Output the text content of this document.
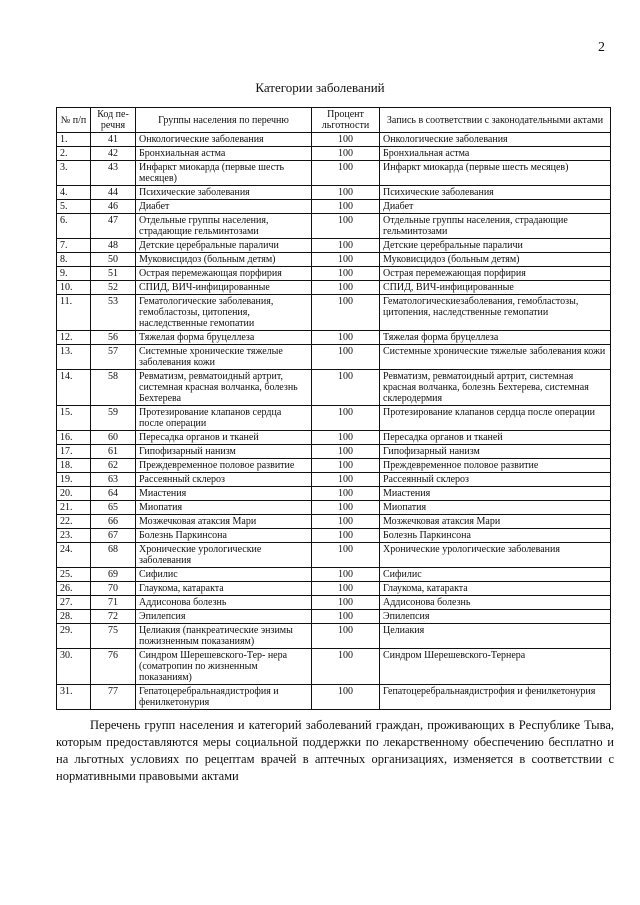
2
Категории заболеваний
№ п/п	Код пе-речня	Группы населения по перечню	Процент льготности	Запись в соответствии с законодательными актами
1.	41	Онкологические заболевания	100	Онкологические заболевания
2.	42	Бронхиальная астма	100	Бронхиальная астма
3.	43	Инфаркт миокарда (первые шесть месяцев)	100	Инфаркт миокарда (первые шесть месяцев)
4.	44	Психические заболевания	100	Психические заболевания
5.	46	Диабет	100	Диабет
6.	47	Отдельные группы населения, страдающие гельминтозами	100	Отдельные группы населения, страдающие гельминтозами
7.	48	Детские церебральные параличи	100	Детские церебральные параличи
8.	50	Муковисцидоз (больным детям)	100	Муковисцидоз (больным детям)
9.	51	Острая перемежающая порфирия	100	Острая перемежающая порфирия
10.	52	СПИД, ВИЧ-инфицированные	100	СПИД, ВИЧ-инфицированные
11.	53	Гематологические заболевания, гемобластозы, цитопения, наследственные гемопатии	100	Гематологическиезаболевания, гемобластозы, цитопения, наследственные гемопатии
12.	56	Тяжелая форма бруцеллеза	100	Тяжелая форма бруцеллеза
13.	57	Системные хронические тяжелые заболевания кожи	100	Системные хронические тяжелые заболевания кожи
14.	58	Ревматизм, ревматоидный артрит, системная красная волчанка, болезнь Бехтерева	100	Ревматизм, ревматоидный артрит, системная красная волчанка, болезнь Бехтерева, системная склеродермия
15.	59	Протезирование клапанов сердца после операции	100	Протезирование клапанов сердца после операции
16.	60	Пересадка органов и тканей	100	Пересадка органов и тканей
17.	61	Гипофизарный нанизм	100	Гипофизарный нанизм
18.	62	Преждевременное половое развитие	100	Преждевременное половое развитие
19.	63	Рассеянный склероз	100	Рассеянный склероз
20.	64	Миастения	100	Миастения
21.	65	Миопатия	100	Миопатия
22.	66	Мозжечковая атаксия Мари	100	Мозжечковая атаксия Мари
23.	67	Болезнь Паркинсона	100	Болезнь Паркинсона
24.	68	Хронические урологические заболевания	100	Хронические урологические заболевания
25.	69	Сифилис	100	Сифилис
26.	70	Глаукома, катаракта	100	Глаукома, катаракта
27.	71	Аддисонова болезнь	100	Аддисонова болезнь
28.	72	Эпилепсия	100	Эпилепсия
29.	75	Целиакия (панкреатические энзимы пожизненным показаниям)	100	Целиакия
30.	76	Синдром Шерешевского-Тер- нера (соматропин по жизненным показаниям)	100	Синдром Шерешевского-Тернера
31.	77	Гепатоцеребральнаядистрофия и фенилкетонурия	100	Гепатоцеребральнаядистрофия и фенилкетонурия
Перечень групп населения и категорий заболеваний граждан, проживающих в Республике Тыва, которым предоставляются меры социальной поддержки по лекарственному обеспечению бесплатно и на льготных условиях по рецептам врачей в аптечных организациях, изменяется в соответствии с нормативными правовыми актами
